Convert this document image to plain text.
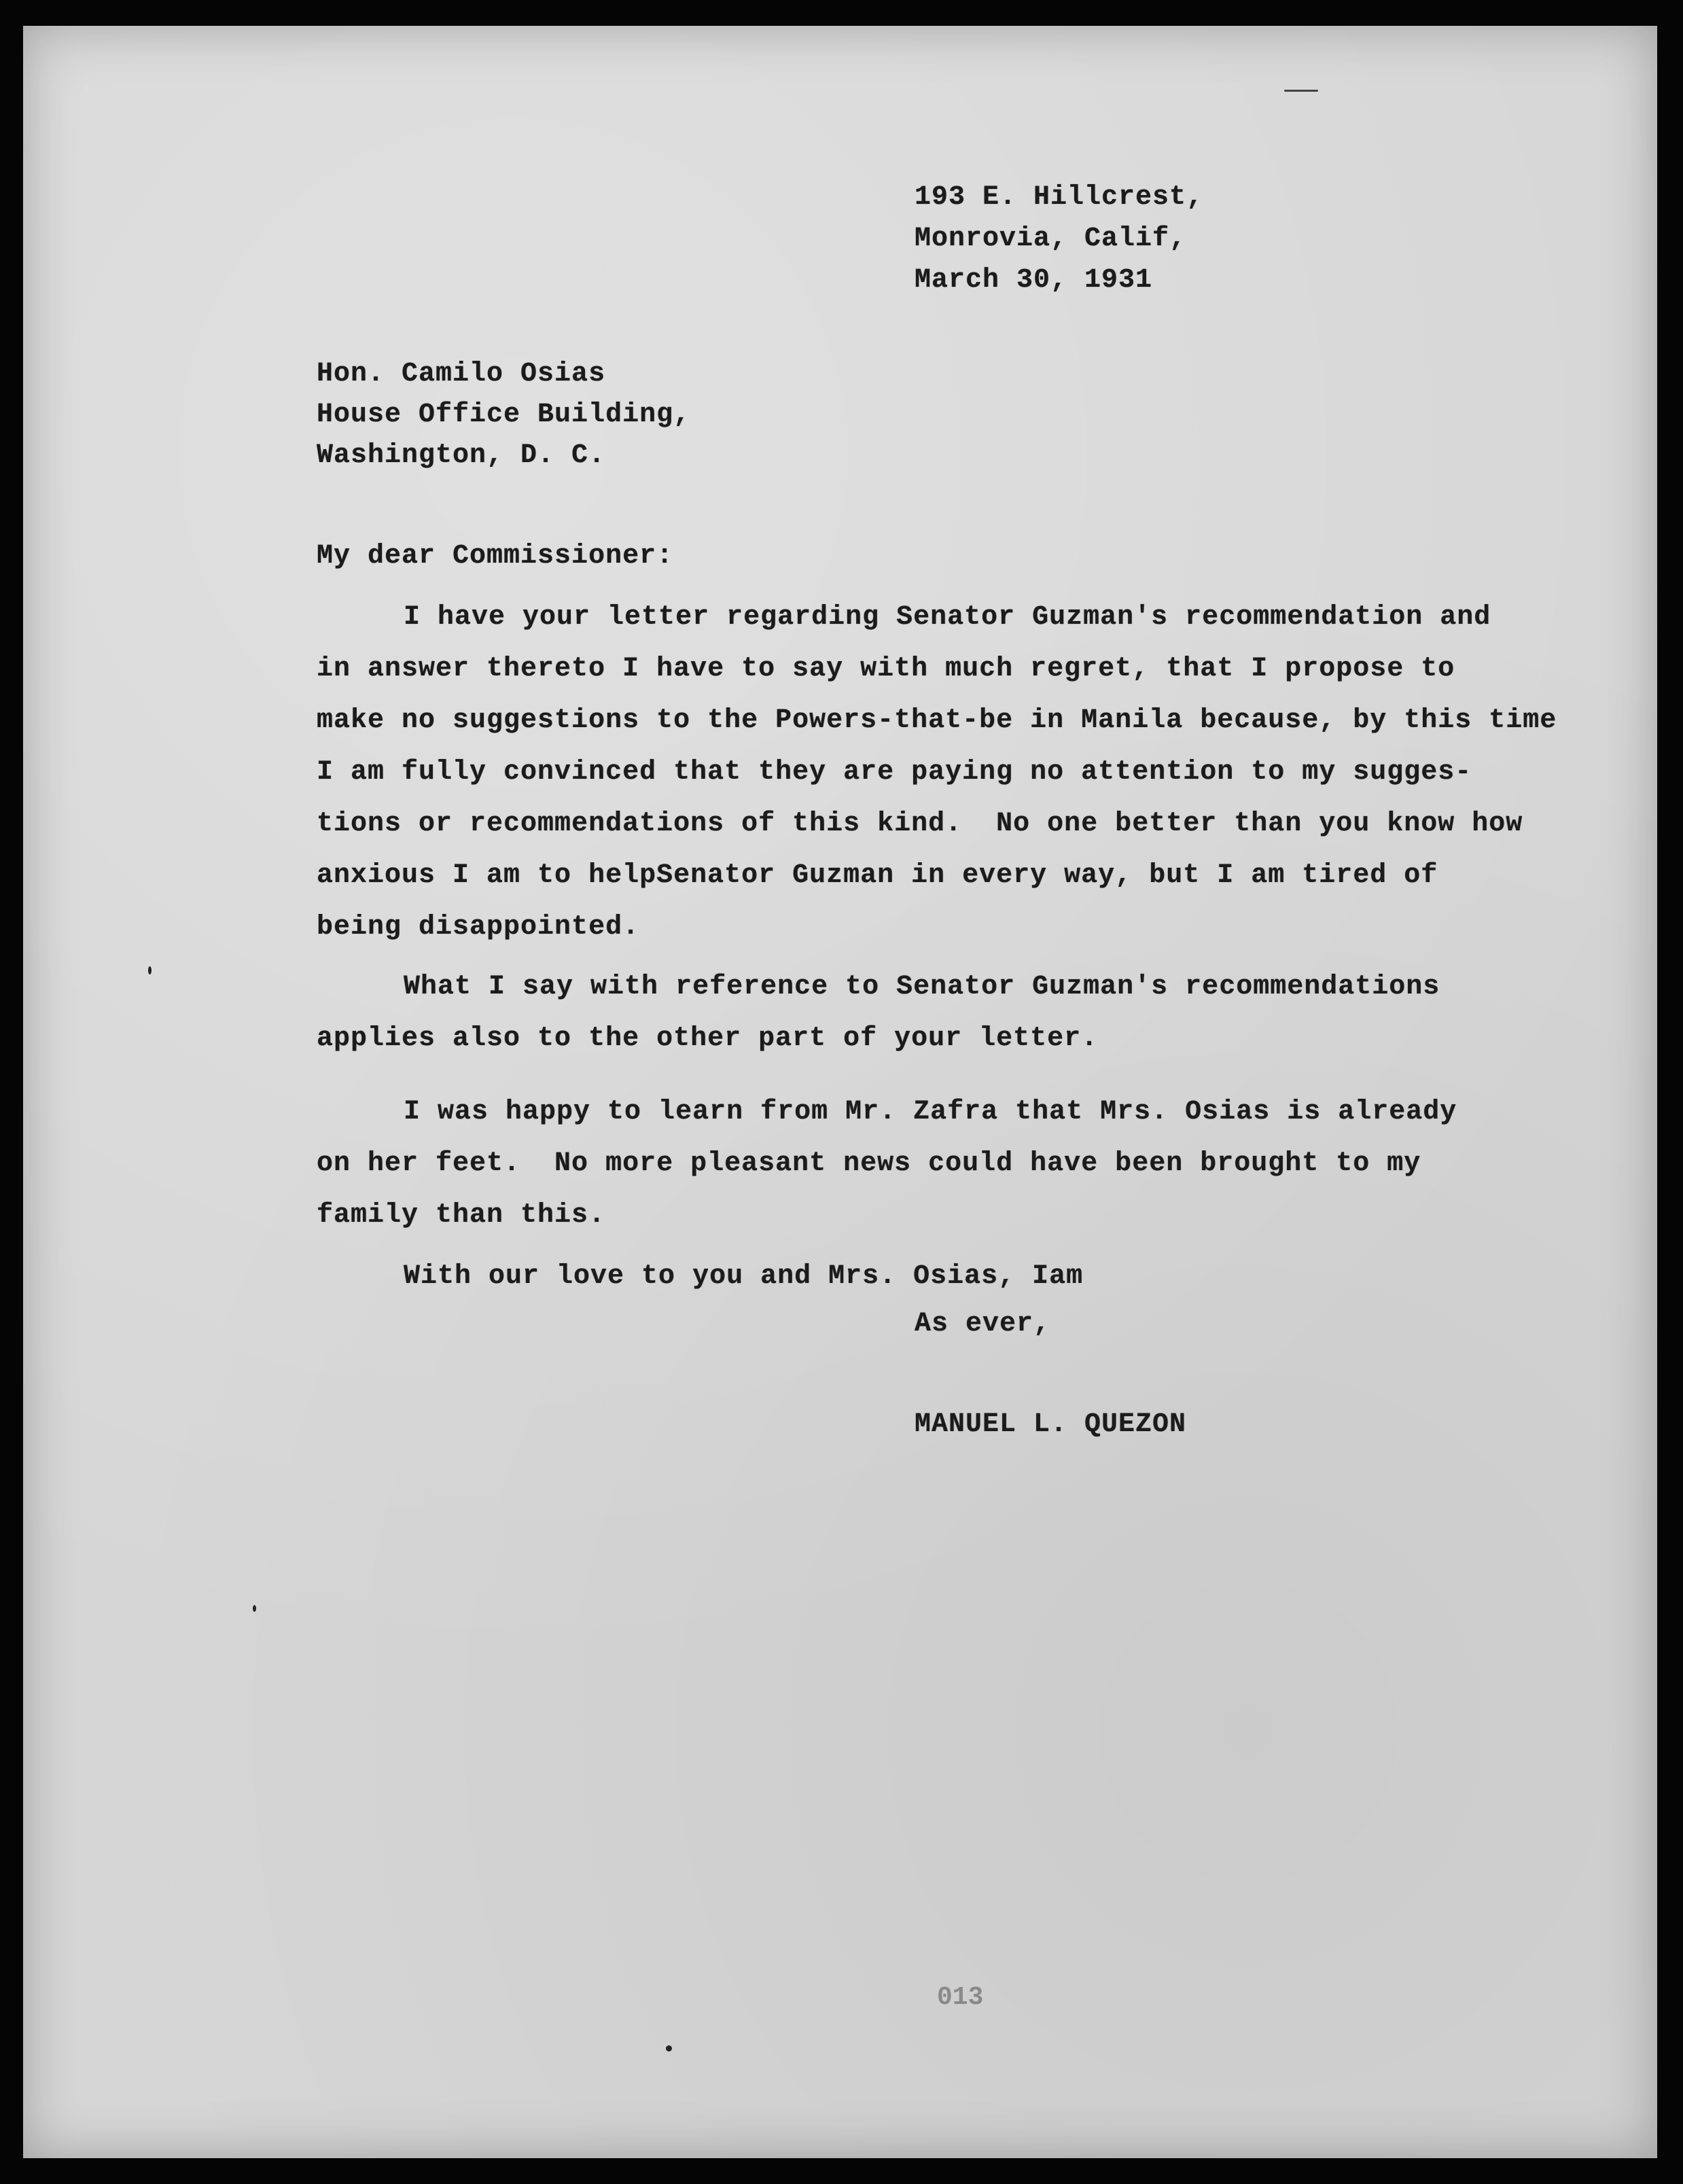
193 E. Hillcrest,
Monrovia, Calif,
March 30, 1931
Hon. Camilo Osias
House Office Building,
Washington, D. C.
My dear Commissioner:
I have your letter regarding Senator Guzman's recommendation and
in answer thereto I have to say with much regret, that I propose to
make no suggestions to the Powers-that-be in Manila because, by this time
I am fully convinced that they are paying no attention to my sugges-
tions or recommendations of this kind.  No one better than you know how
anxious I am to helpSenator Guzman in every way, but I am tired of
being disappointed.
What I say with reference to Senator Guzman's recommendations
applies also to the other part of your letter.
I was happy to learn from Mr. Zafra that Mrs. Osias is already
on her feet.  No more pleasant news could have been brought to my
family than this.
With our love to you and Mrs. Osias, Iam
As ever,
MANUEL L. QUEZON
013
